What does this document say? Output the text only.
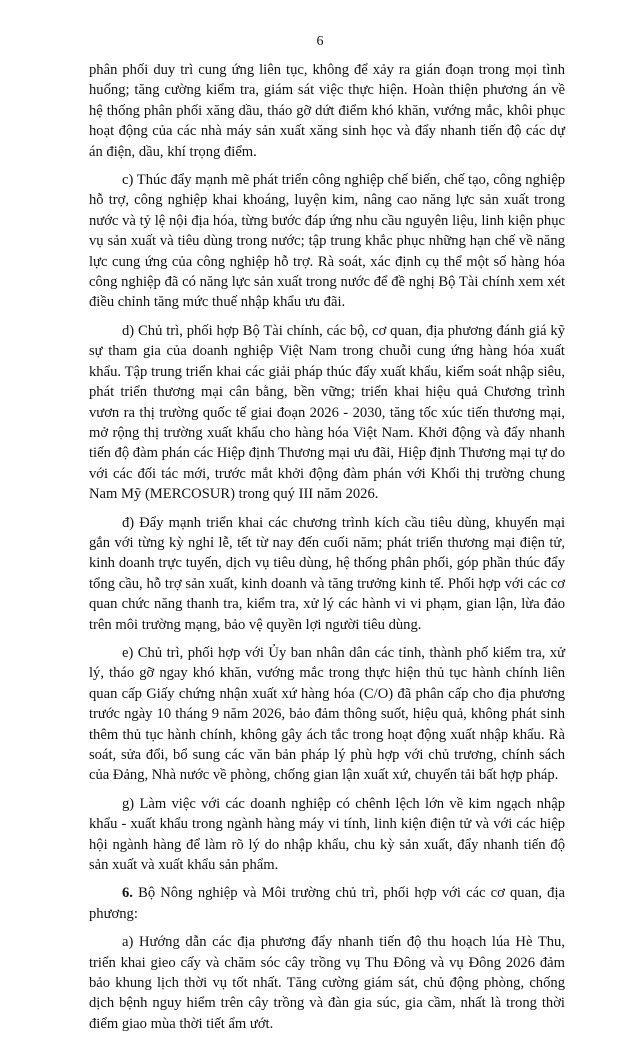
6

phân phối duy trì cung ứng liên tục, không để xảy ra gián đoạn trong mọi tình huống; tăng cường kiểm tra, giám sát việc thực hiện. Hoàn thiện phương án về hệ thống phân phối xăng dầu, tháo gỡ dứt điểm khó khăn, vướng mắc, khôi phục hoạt động của các nhà máy sản xuất xăng sinh học và đẩy nhanh tiến độ các dự án điện, dầu, khí trọng điểm.

c) Thúc đẩy mạnh mẽ phát triển công nghiệp chế biến, chế tạo, công nghiệp hỗ trợ, công nghiệp khai khoáng, luyện kim, nâng cao năng lực sản xuất trong nước và tỷ lệ nội địa hóa, từng bước đáp ứng nhu cầu nguyên liệu, linh kiện phục vụ sản xuất và tiêu dùng trong nước; tập trung khắc phục những hạn chế về năng lực cung ứng của công nghiệp hỗ trợ. Rà soát, xác định cụ thể một số hàng hóa công nghiệp đã có năng lực sản xuất trong nước để đề nghị Bộ Tài chính xem xét điều chỉnh tăng mức thuế nhập khẩu ưu đãi.

d) Chủ trì, phối hợp Bộ Tài chính, các bộ, cơ quan, địa phương đánh giá kỹ sự tham gia của doanh nghiệp Việt Nam trong chuỗi cung ứng hàng hóa xuất khẩu. Tập trung triển khai các giải pháp thúc đẩy xuất khẩu, kiểm soát nhập siêu, phát triển thương mại cân bằng, bền vững; triển khai hiệu quả Chương trình vươn ra thị trường quốc tế giai đoạn 2026 - 2030, tăng tốc xúc tiến thương mại, mở rộng thị trường xuất khẩu cho hàng hóa Việt Nam. Khởi động và đẩy nhanh tiến độ đàm phán các Hiệp định Thương mại ưu đãi, Hiệp định Thương mại tự do với các đối tác mới, trước mắt khởi động đàm phán với Khối thị trường chung Nam Mỹ (MERCOSUR) trong quý III năm 2026.

đ) Đẩy mạnh triển khai các chương trình kích cầu tiêu dùng, khuyến mại gắn với từng kỳ nghỉ lễ, tết từ nay đến cuối năm; phát triển thương mại điện tử, kinh doanh trực tuyến, dịch vụ tiêu dùng, hệ thống phân phối, góp phần thúc đẩy tổng cầu, hỗ trợ sản xuất, kinh doanh và tăng trưởng kinh tế. Phối hợp với các cơ quan chức năng thanh tra, kiểm tra, xử lý các hành vi vi phạm, gian lận, lừa đảo trên môi trường mạng, bảo vệ quyền lợi người tiêu dùng.

e) Chủ trì, phối hợp với Ủy ban nhân dân các tỉnh, thành phố kiểm tra, xử lý, tháo gỡ ngay khó khăn, vướng mắc trong thực hiện thủ tục hành chính liên quan cấp Giấy chứng nhận xuất xứ hàng hóa (C/O) đã phân cấp cho địa phương trước ngày 10 tháng 9 năm 2026, bảo đảm thông suốt, hiệu quả, không phát sinh thêm thủ tục hành chính, không gây ách tắc trong hoạt động xuất nhập khẩu. Rà soát, sửa đổi, bổ sung các văn bản pháp lý phù hợp với chủ trương, chính sách của Đảng, Nhà nước về phòng, chống gian lận xuất xứ, chuyển tải bất hợp pháp.

g) Làm việc với các doanh nghiệp có chênh lệch lớn về kim ngạch nhập khẩu - xuất khẩu trong ngành hàng máy vi tính, linh kiện điện tử và với các hiệp hội ngành hàng để làm rõ lý do nhập khẩu, chu kỳ sản xuất, đẩy nhanh tiến độ sản xuất và xuất khẩu sản phẩm.

6. Bộ Nông nghiệp và Môi trường chủ trì, phối hợp với các cơ quan, địa phương:

a) Hướng dẫn các địa phương đẩy nhanh tiến độ thu hoạch lúa Hè Thu, triển khai gieo cấy và chăm sóc cây trồng vụ Thu Đông và vụ Đông 2026 đảm bảo khung lịch thời vụ tốt nhất. Tăng cường giám sát, chủ động phòng, chống dịch bệnh nguy hiểm trên cây trồng và đàn gia súc, gia cầm, nhất là trong thời điểm giao mùa thời tiết ẩm ướt.
